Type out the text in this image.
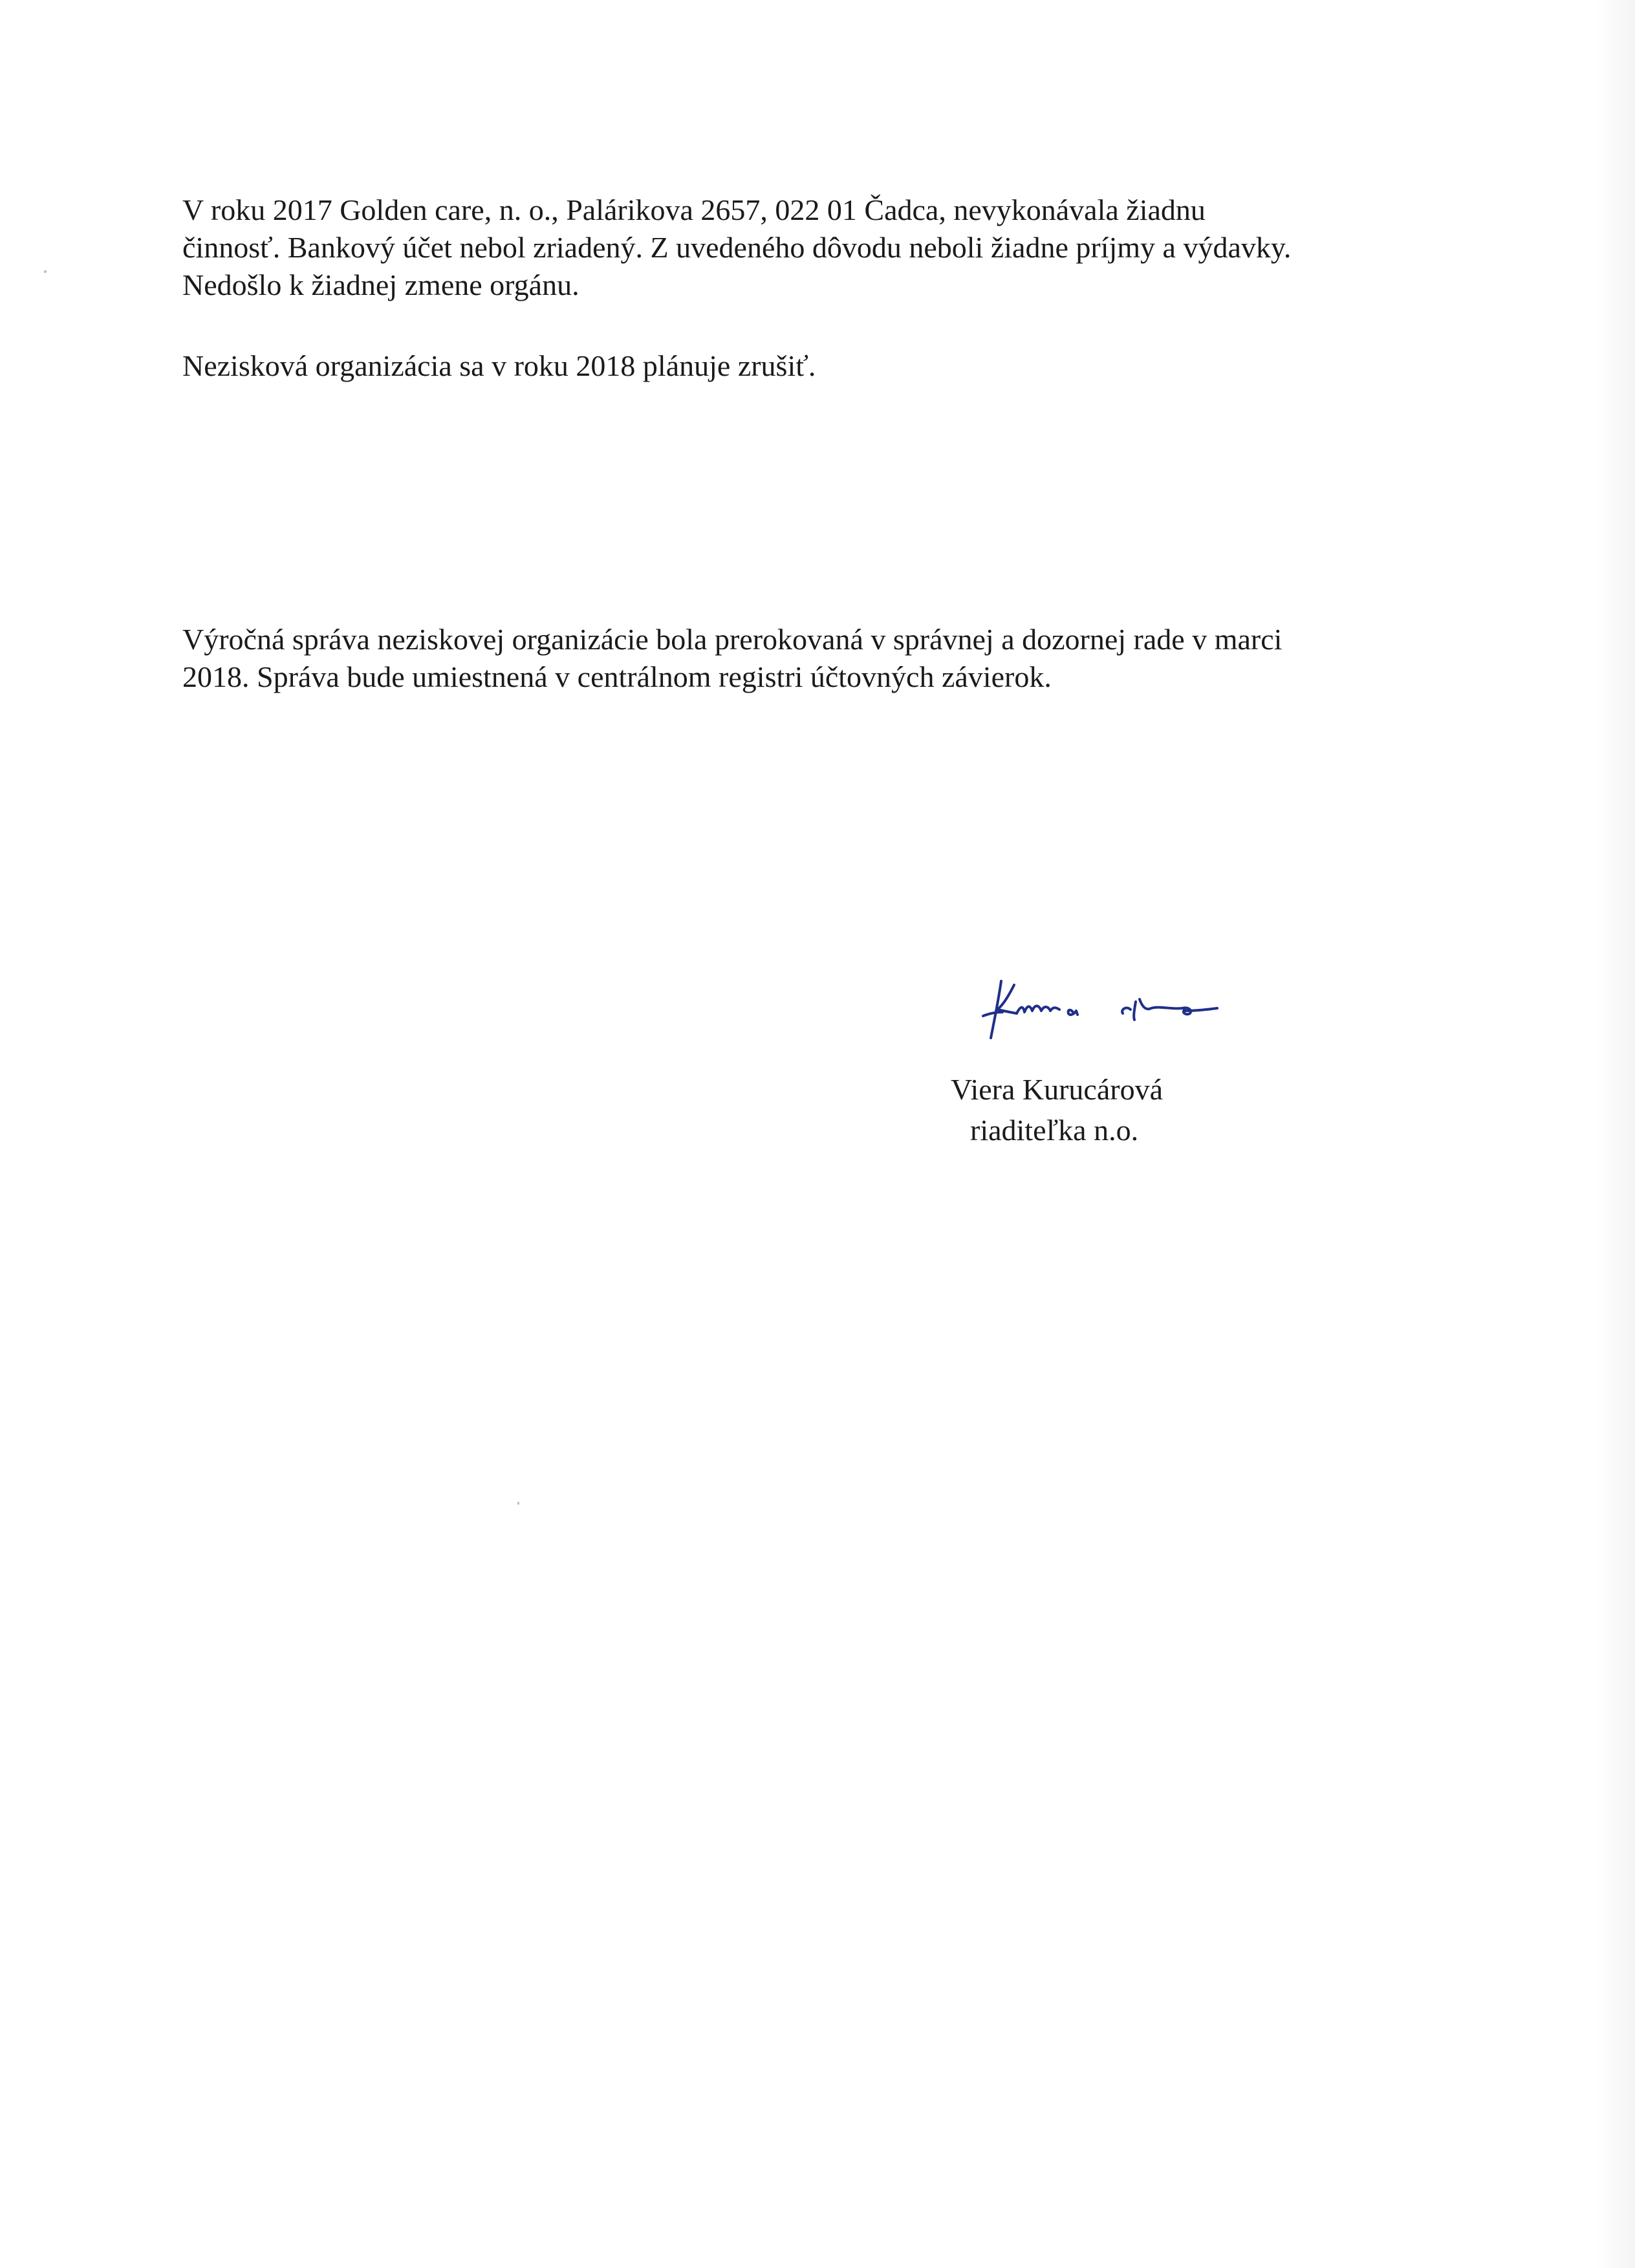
V roku 2017 Golden care, n. o., Palárikova 2657, 022 01 Čadca, nevykonávala žiadnu
činnosť. Bankový účet nebol zriadený. Z uvedeného dôvodu neboli žiadne príjmy a výdavky.
Nedošlo k žiadnej zmene orgánu.
Nezisková organizácia sa v roku 2018 plánuje zrušiť.
Výročná správa neziskovej organizácie bola prerokovaná v správnej a dozornej rade v marci
2018. Správa bude umiestnená v centrálnom registri účtovných závierok.
Viera Kurucárová
riaditeľka n.o.
